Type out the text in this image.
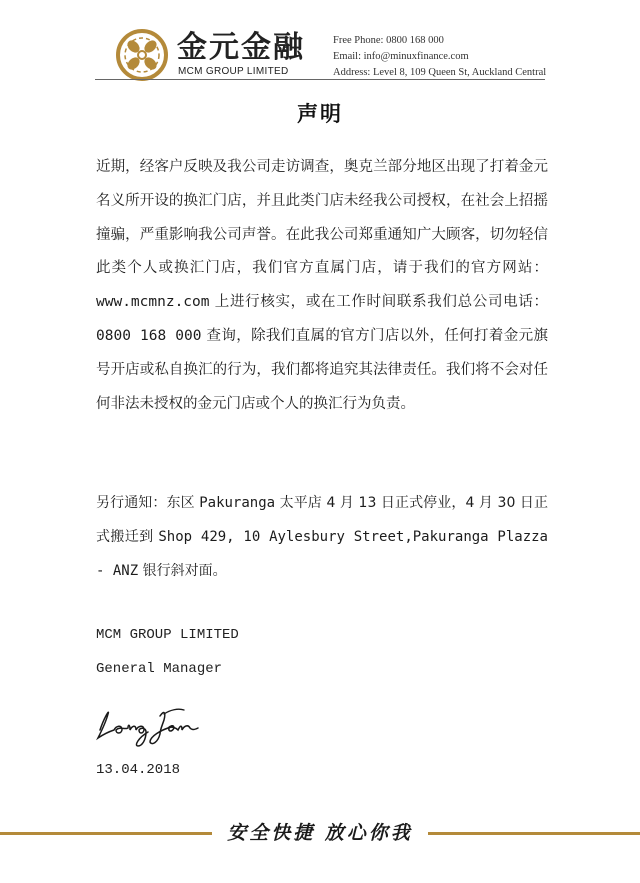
金元金融
MCM GROUP LIMITED
Free Phone: 0800 168 000
Email: info@minuxfinance.com
Address: Level 8, 109 Queen St, Auckland Central
声明
近期，经客户反映及我公司走访调查，奥克兰部分地区出现了打着金元名义所开设的换汇门店，并且此类门店未经我公司授权，在社会上招摇撞骗，严重影响我公司声誉。在此我公司郑重通知广大顾客，切勿轻信此类个人或换汇门店，我们官方直属门店，请于我们的官方网站：www.mcmnz.com 上进行核实，或在工作时间联系我们总公司电话：0800 168 000 查询，除我们直属的官方门店以外，任何打着金元旗号开店或私自换汇的行为，我们都将追究其法律责任。我们将不会对任何非法未授权的金元门店或个人的换汇行为负责。
另行通知：东区 Pakuranga 太平店 4 月 13 日正式停业，4 月 30 日正式搬迁到 Shop 429, 10 Aylesbury Street,Pakuranga Plazza - ANZ 银行斜对面。
MCM GROUP LIMITED
General Manager
13.04.2018
安全快捷 放心你我
